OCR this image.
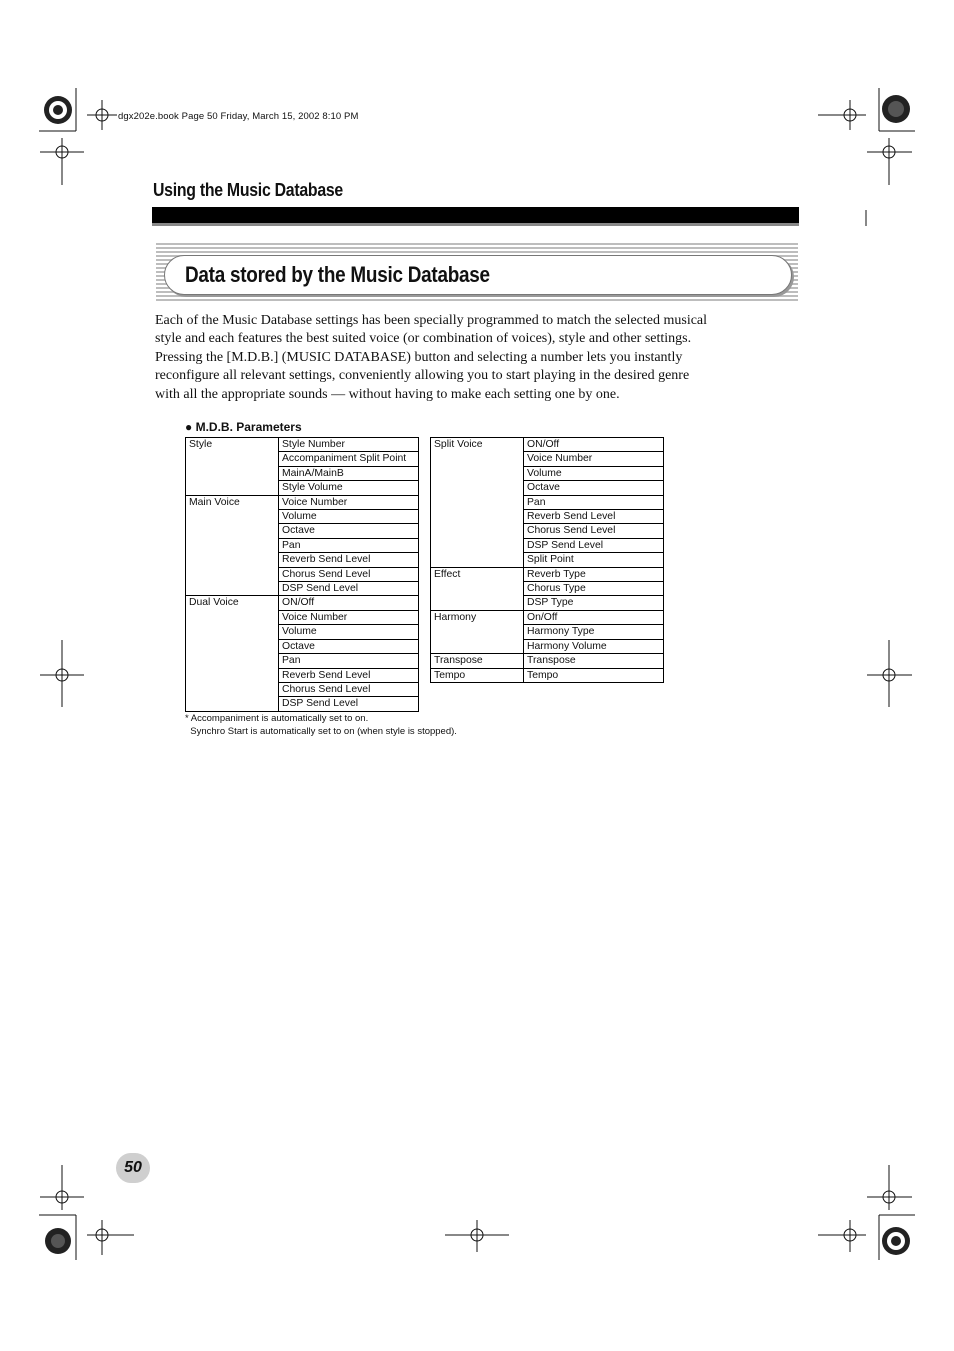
dgx202e.book Page 50 Friday, March 15, 2002 8:10 PM
Using the Music Database
Data stored by the Music Database

Each of the Music Database settings has been specially programmed to match the selected musical

style and each features the best suited voice (or combination of voices), style and other settings.

Pressing the [M.D.B.] (MUSIC DATABASE) button and selecting a number lets you instantly

reconfigure all relevant settings, conveniently allowing you to start playing in the desired genre

with all the appropriate sounds — without having to make each setting one by one.

● M.D.B. Parameters
Style	Style Number
	Accompaniment Split Point
	MainA/MainB
	Style Volume
Main Voice	Voice Number
	Volume
	Octave
	Pan
	Reverb Send Level
	Chorus Send Level
	DSP Send Level
Dual Voice	ON/Off
	Voice Number
	Volume
	Octave
	Pan
	Reverb Send Level
	Chorus Send Level
	DSP Send Level
Split Voice	ON/Off
	Voice Number
	Volume
	Octave
	Pan
	Reverb Send Level
	Chorus Send Level
	DSP Send Level
	Split Point
Effect	Reverb Type
	Chorus Type
	DSP Type
Harmony	On/Off
	Harmony Type
	Harmony Volume
Transpose	Transpose
Tempo	Tempo

* Accompaniment is automatically set to on.

Synchro Start is automatically set to on (when style is stopped).

50
